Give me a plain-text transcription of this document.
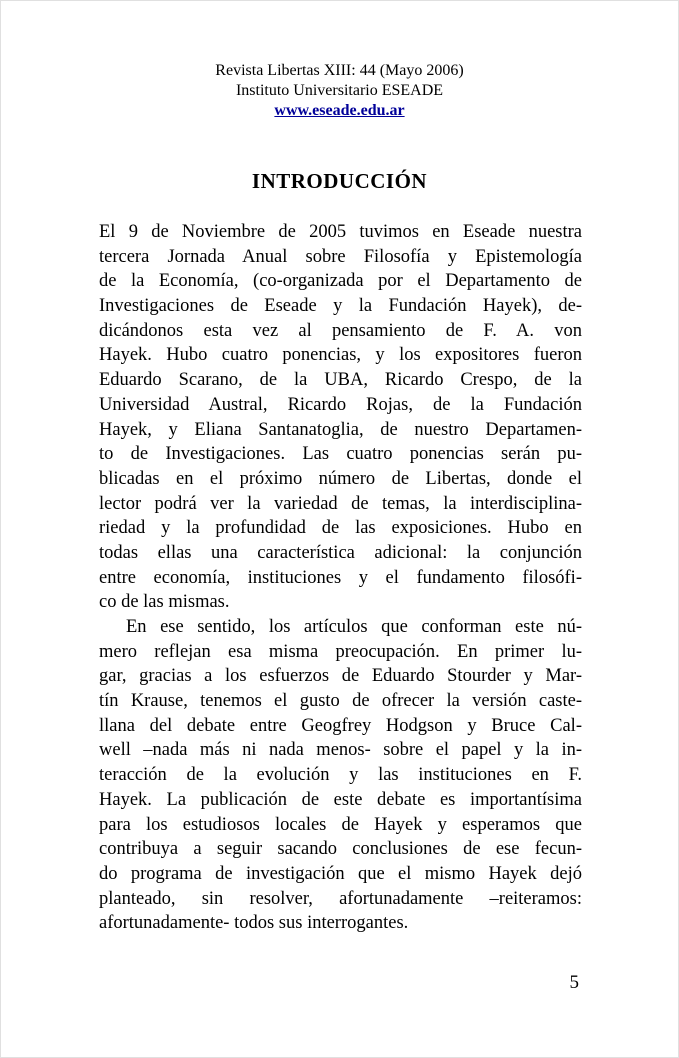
Revista Libertas XIII: 44 (Mayo 2006)
Instituto Universitario ESEADE
www.eseade.edu.ar
INTRODUCCIÓN
El 9 de Noviembre de 2005 tuvimos en Eseade nuestra
tercera Jornada Anual sobre Filosofía y Epistemología
de la Economía, (co-organizada por el Departamento de
Investigaciones de Eseade y la Fundación Hayek), de-
dicándonos esta vez al pensamiento de F. A. von
Hayek. Hubo cuatro ponencias, y los expositores fueron
Eduardo Scarano, de la UBA, Ricardo Crespo, de la
Universidad Austral, Ricardo Rojas, de la Fundación
Hayek, y Eliana Santanatoglia, de nuestro Departamen-
to de Investigaciones. Las cuatro ponencias serán pu-
blicadas en el próximo número de Libertas, donde el
lector podrá ver la variedad de temas, la interdisciplina-
riedad y la profundidad de las exposiciones. Hubo en
todas ellas una característica adicional: la conjunción
entre economía, instituciones y el fundamento filosófi-
co de las mismas.
En ese sentido, los artículos que conforman este nú-
mero reflejan esa misma preocupación. En primer lu-
gar, gracias a los esfuerzos de Eduardo Stourder y Mar-
tín Krause, tenemos el gusto de ofrecer la versión caste-
llana del debate entre Geogfrey Hodgson y Bruce Cal-
well –nada más ni nada menos- sobre el papel y la in-
teracción de la evolución y las instituciones en F.
Hayek. La publicación de este debate es importantísima
para los estudiosos locales de Hayek y esperamos que
contribuya a seguir sacando conclusiones de ese fecun-
do programa de investigación que el mismo Hayek dejó
planteado, sin resolver, afortunadamente –reiteramos:
afortunadamente- todos sus interrogantes.
5
